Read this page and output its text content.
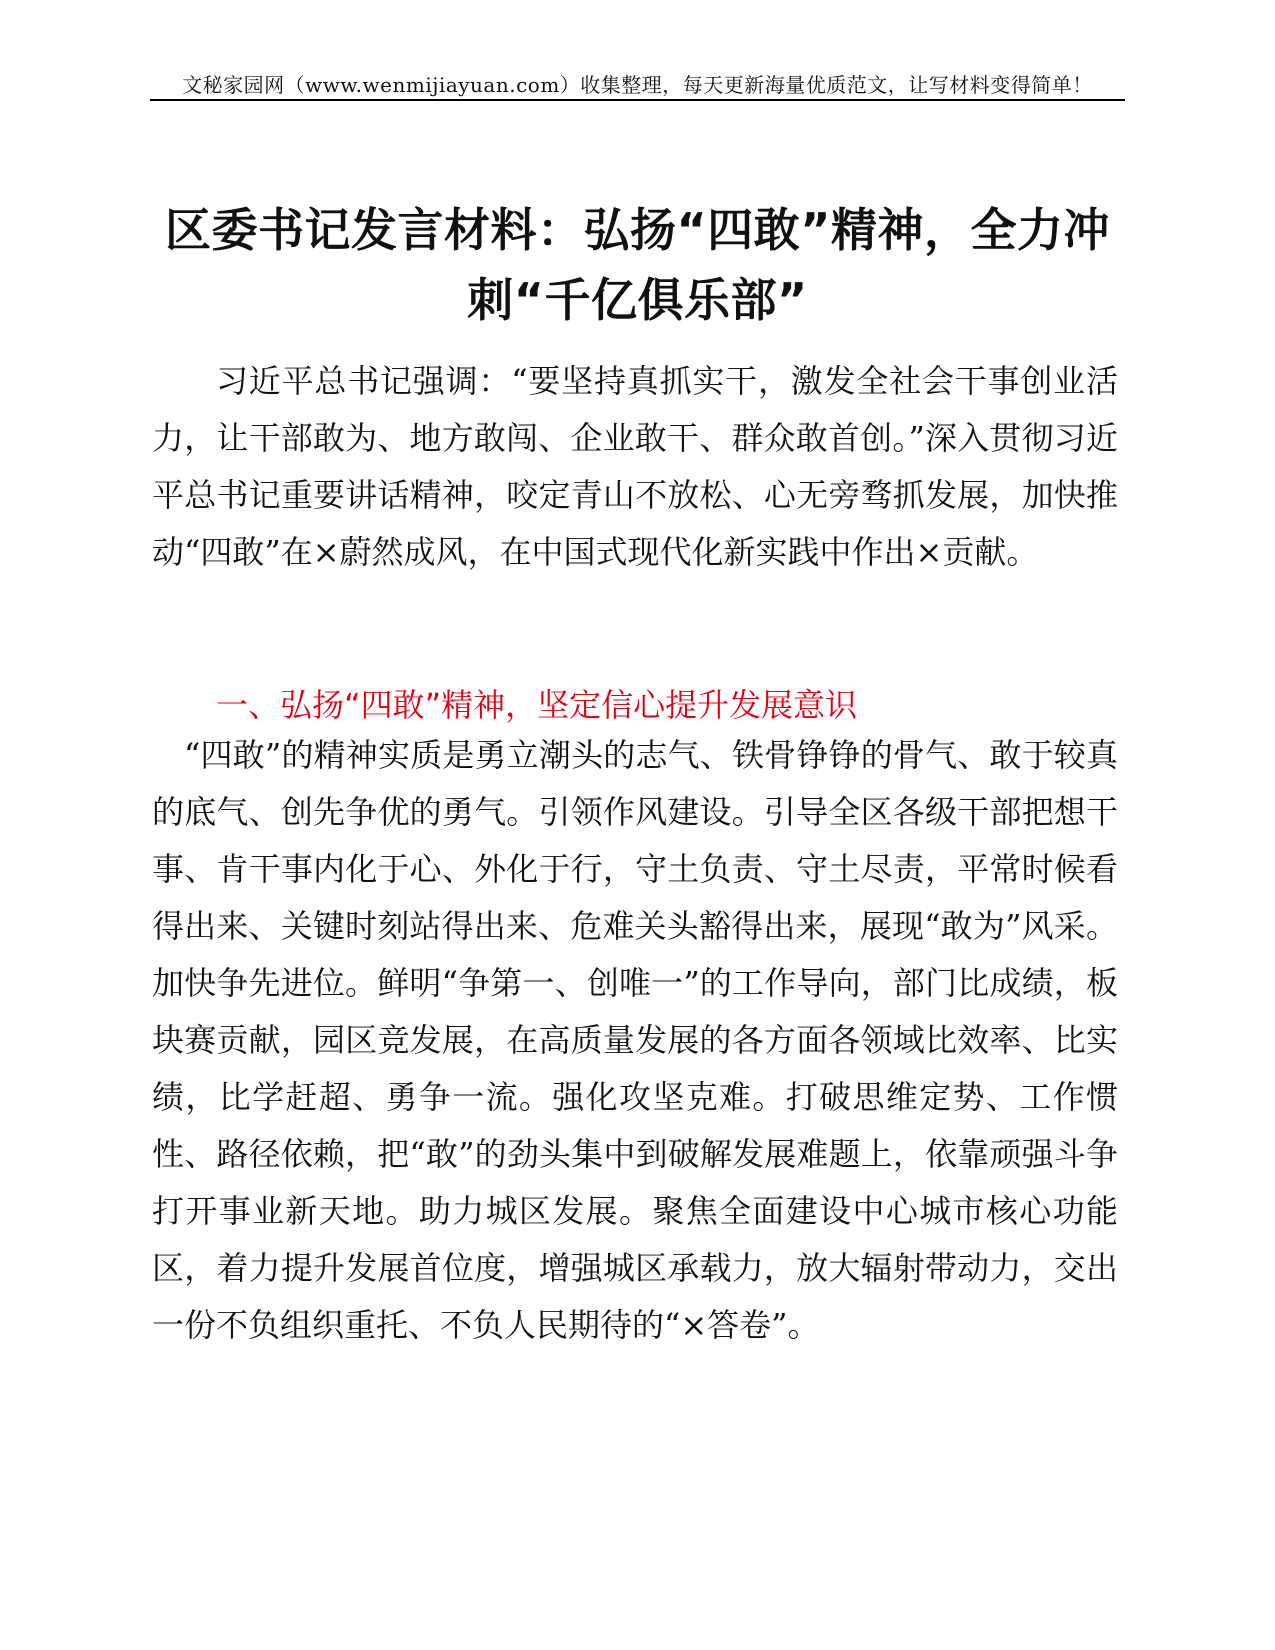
文秘家园网（www.wenmijiayuan.com）收集整理，每天更新海量优质范文，让写材料变得简单！
区委书记发言材料：弘扬“四敢”精神，全力冲刺“千亿俱乐部”
习近平总书记强调：“要坚持真抓实干，激发全社会干事创业活力，让干部敢为、地方敢闯、企业敢干、群众敢首创。”深入贯彻习近平总书记重要讲话精神，咬定青山不放松、心无旁骛抓发展，加快推动“四敢”在×蔚然成风，在中国式现代化新实践中作出×贡献。
一、弘扬“四敢”精神，坚定信心提升发展意识
“四敢”的精神实质是勇立潮头的志气、铁骨铮铮的骨气、敢于较真的底气、创先争优的勇气。引领作风建设。引导全区各级干部把想干事、肯干事内化于心、外化于行，守土负责、守土尽责，平常时候看得出来、关键时刻站得出来、危难关头豁得出来，展现“敢为”风采。加快争先进位。鲜明“争第一、创唯一”的工作导向，部门比成绩，板块赛贡献，园区竞发展，在高质量发展的各方面各领域比效率、比实绩，比学赶超、勇争一流。强化攻坚克难。打破思维定势、工作惯性、路径依赖，把“敢”的劲头集中到破解发展难题上，依靠顽强斗争打开事业新天地。助力城区发展。聚焦全面建设中心城市核心功能区，着力提升发展首位度，增强城区承载力，放大辐射带动力，交出一份不负组织重托、不负人民期待的“×答卷”。
